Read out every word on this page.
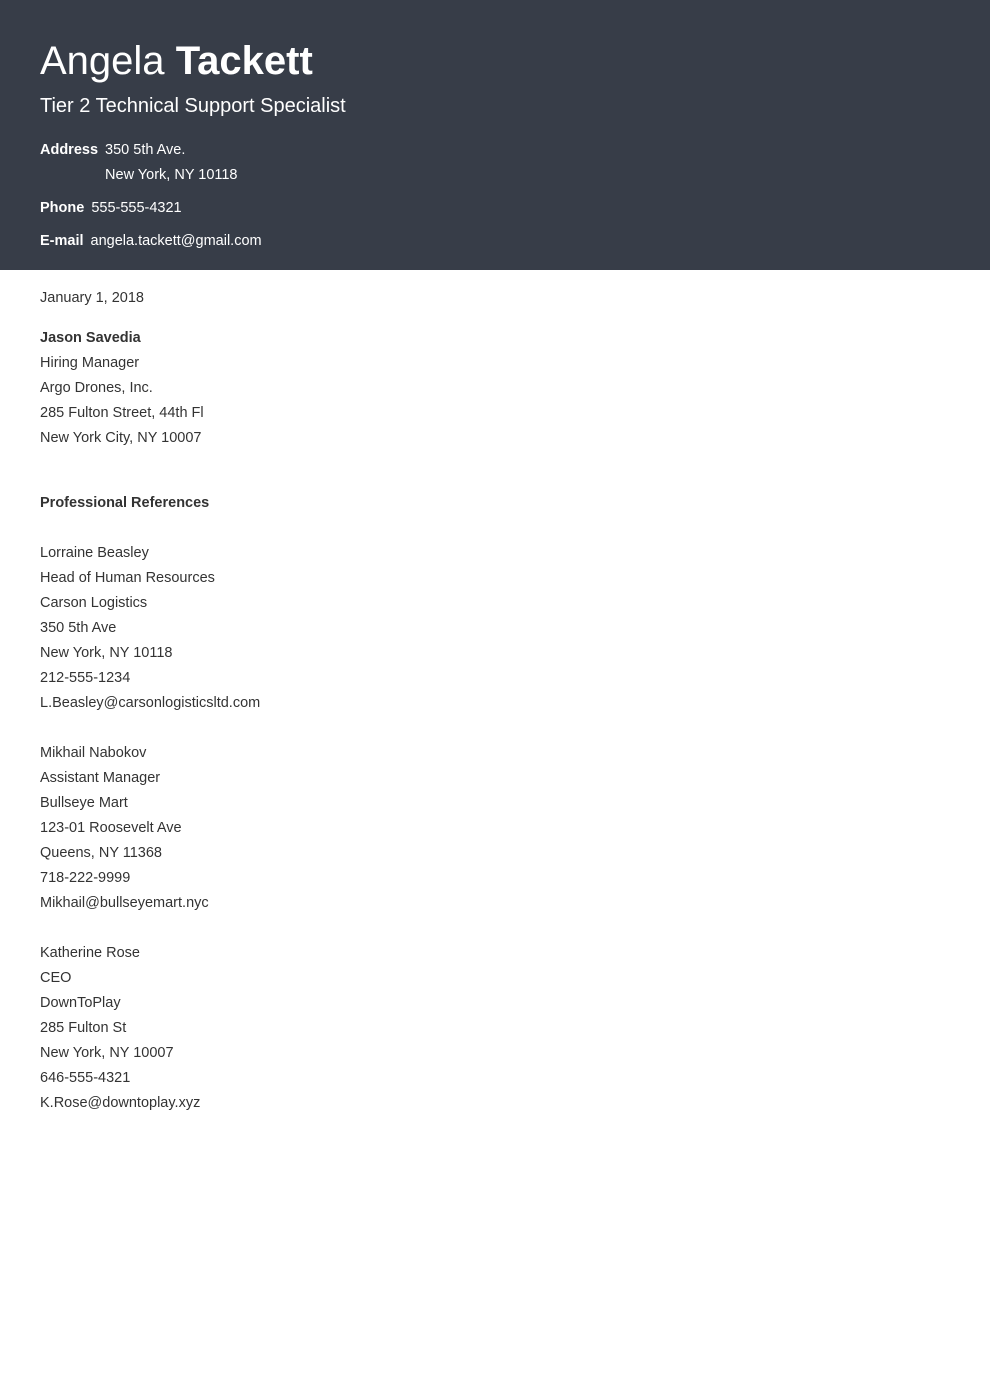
Angela Tackett
Tier 2 Technical Support Specialist
Address 350 5th Ave.
New York, NY 10118
Phone 555-555-4321
E-mail angela.tackett@gmail.com
January 1, 2018
Jason Savedia
Hiring Manager
Argo Drones, Inc.
285 Fulton Street, 44th Fl
New York City, NY 10007
Professional References
Lorraine Beasley
Head of Human Resources
Carson Logistics
350 5th Ave
New York, NY 10118
212-555-1234
L.Beasley@carsonlogisticsltd.com
Mikhail Nabokov
Assistant Manager
Bullseye Mart
123-01 Roosevelt Ave
Queens, NY 11368
718-222-9999
Mikhail@bullseyemart.nyc
Katherine Rose
CEO
DownToPlay
285 Fulton St
New York, NY 10007
646-555-4321
K.Rose@downtoplay.xyz
